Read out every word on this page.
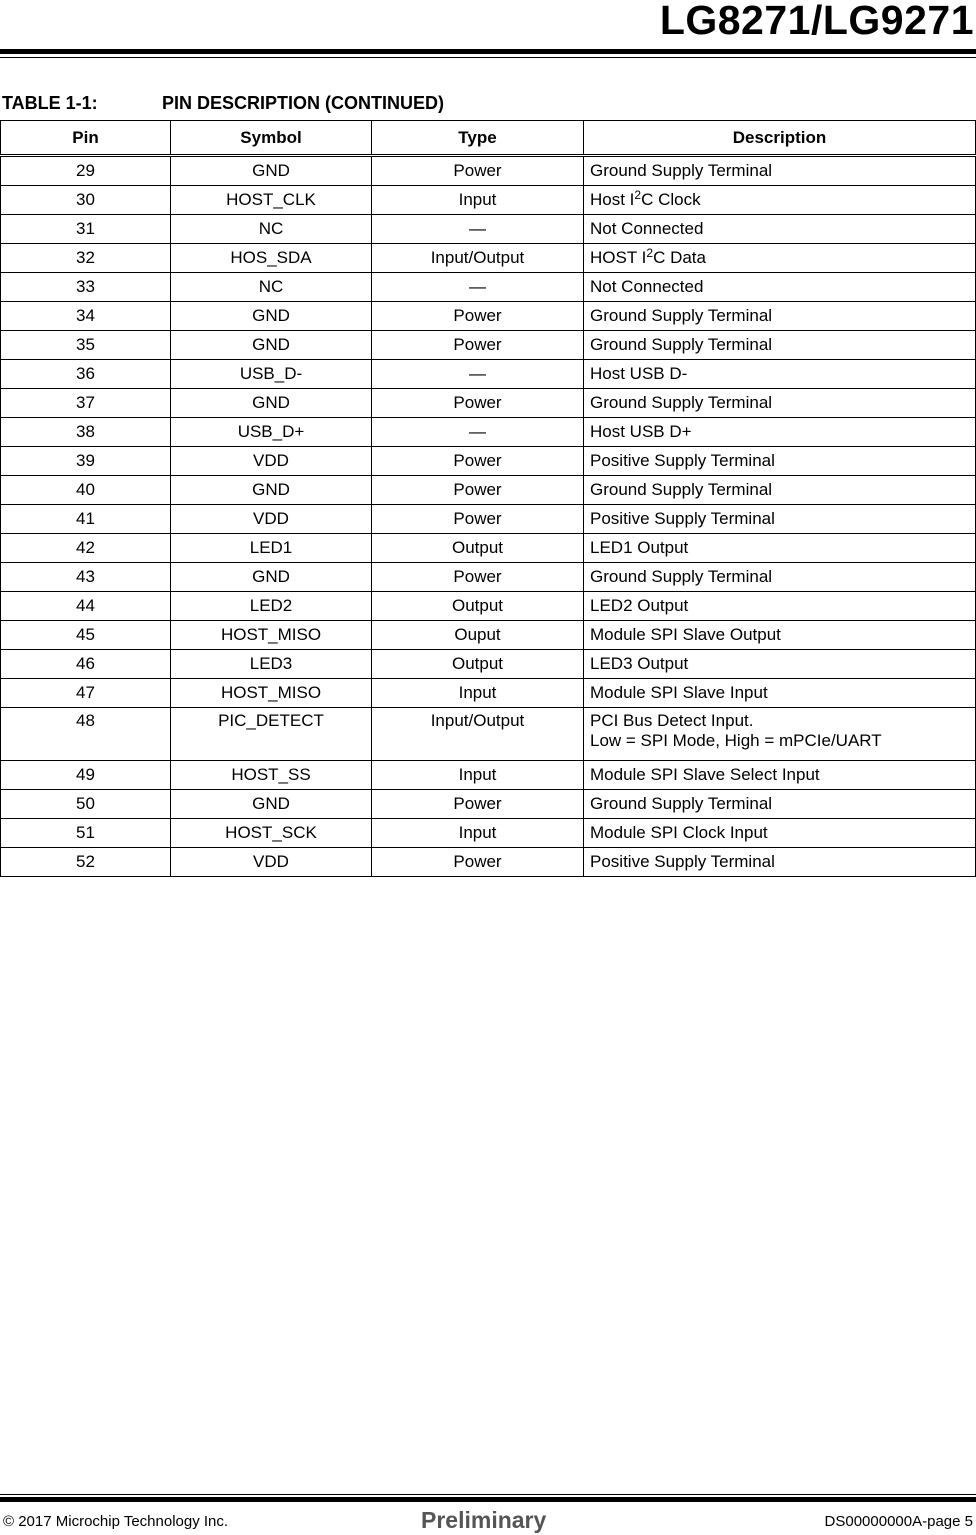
LG8271/LG9271
TABLE 1-1:	PIN DESCRIPTION (CONTINUED)
Pin	Symbol	Type	Description
29	GND	Power	Ground Supply Terminal
30	HOST_CLK	Input	Host $I^2C$ Clock
31	NC	—	Not Connected
32	HOS_SDA	Input/Output	HOST $I^2C$ Data
33	NC	—	Not Connected
34	GND	Power	Ground Supply Terminal
35	GND	Power	Ground Supply Terminal
36	USB_D-	—	Host USB D-
37	GND	Power	Ground Supply Terminal
38	USB_D+	—	Host USB D+
39	VDD	Power	Positive Supply Terminal
40	GND	Power	Ground Supply Terminal
41	VDD	Power	Positive Supply Terminal
42	LED1	Output	LED1 Output
43	GND	Power	Ground Supply Terminal
44	LED2	Output	LED2 Output
45	HOST_MISO	Ouput	Module SPI Slave Output
46	LED3	Output	LED3 Output
47	HOST_MISO	Input	Module SPI Slave Input
48	PIC_DETECT	Input/Output	PCI Bus Detect Input.
Low = SPI Mode, High = mPCIe/UART
49	HOST_SS	Input	Module SPI Slave Select Input
50	GND	Power	Ground Supply Terminal
51	HOST_SCK	Input	Module SPI Clock Input
52	VDD	Power	Positive Supply Terminal
© 2017 Microchip Technology Inc.	Preliminary	DS00000000A-page 5
